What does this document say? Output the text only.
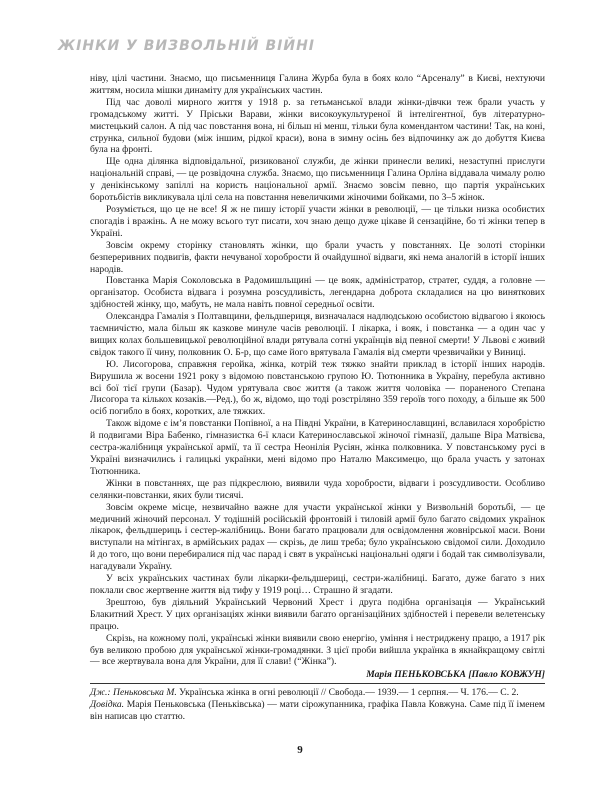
ЖІНКИ У ВИЗВОЛЬНІЙ ВІЙНІ

ніву, цілі частини. Знаємо, що письменниця Галина Журба була в боях коло “Арсеналу” в Києві, нехтуючи життям, носила мішки динаміту для українських частин.

Під час доволі мирного життя у 1918 р. за гетьманської влади жінки-дівчки теж брали участь у громадському житті. У Пріськи Варави, жінки високоукультуреної й інтелігентної, був літературно-мистецький салон. А під час повстання вона, ні більш ні менш, тільки була комендантом частини! Так, на коні, струнка, сильної будови (між іншим, рідкої краси), вона в зимну осінь без відпочинку аж до добуття Києва була на фронті.

Ще одна ділянка відповідальної, ризикованої служби, де жінки принесли великі, незаступні прислуги національній справі, — це розвідочна служба. Знаємо, що письменниця Галина Орліна віддавала чималу ролю у денікінському запіллі на користь національної армії. Знаємо зовсім певно, що партія українських боротьбістів викликувала цілі села на повстання невеличкими жіночими бойками, по 3–5 жінок.

Розуміється, що це не все! Я ж не пишу історії участи жінки в революції, — це тільки низка особистих спогадів і вражінь. А не можу всього тут писати, хоч знаю дещо дуже цікаве й сензаційне, бо ті жінки тепер в Україні.

Зовсім окрему сторінку становлять жінки, що брали участь у повстаннях. Це золоті сторінки безпереривних подвигів, факти нечуваної хоробрости й очайдушної відваги, які нема аналогій в історії інших народів.

Повстанка Марія Соколовська в Радомишльщині — це вояк, адміністратор, стратег, суддя, а головне — організатор. Особиста відвага і розумна розсудливість, легендарна доброта складалися на цю виняткових здібностей жінку, що, мабуть, не мала навіть повної середньої освіти.

Олександра Гамалія з Полтавщини, фельдшериця, визначалася надлюдською особистою відвагою і якоюсь таємничістю, мала більш як казкове минуле часів революції. І лікарка, і вояк, і повстанка — а один час у вищих колах большевицької революційної влади рятувала сотні українців від певної смерти! У Львові є живий свідок такого її чину, полковник О. Б-р, що саме його врятувала Гамалія від смерти чрезвичайки у Виниці.

Ю. Лисогорова, справжня геройка, жінка, котрій теж тяжко знайти приклад в історії інших народів. Вирушила ж восени 1921 року з відомою повстанською групою Ю. Тютюнника в Україну, перебула активно всі бої тієї групи (Базар). Чудом урятувала своє життя (а також життя чоловіка — пораненого Степана Лисогора та кількох козаків.—Ред.), бо ж, відомо, що тоді розстріляно 359 героїв того походу, а більше як 500 осіб погибло в боях, коротких, але тяжких.

Також відоме є ім’я повстанки Попівної, а на Півдні України, в Катеринославщині, вславилася хоробрістю й подвигами Віра Бабенко, гімназистка 6-ї класи Катеринославської жіночої гімназії, дальше Віра Матвієва, сестра-жалібниця української армії, та її сестра Неонілія Русіян, жінка полковника. У повстанському русі в Україні визначились і галицькі українки, мені відомо про Наталю Максимецю, що брала участь у затонах Тютюнника.

Жінки в повстаннях, ще раз підкреслюю, виявили чуда хоробрости, відваги і розсудливости. Особливо селянки-повстанки, яких були тисячі.

Зовсім окреме місце, незвичайно важне для участи української жінки у Визвольній боротьбі, — це медичний жіночий персонал. У тодішній російській фронтовій і тиловій армії було багато свідомих українок лікарок, фельдшериць і сестер-жалібниць. Вони багато працювали для освідомлення жовнірської маси. Вони виступали на мітінгах, в армійських радах — скрізь, де лиш треба; було українською свідомої сили. Доходило й до того, що вони перебиралися під час парад і свят в українські національні одяги і бодай так символізували, нагадували Україну.

У всіх українських частинах були лікарки-фельдшериці, сестри-жалібниці. Багато, дуже багато з них поклали своє жертвенне життя від тифу у 1919 році… Страшно й згадати.

Зрештою, був діяльний Український Червоний Хрест і друга подібна організація — Український Блакитний Хрест. У цих організаціях жінки виявили багато організаційних здібностей і перевели велетенську працю.

Скрізь, на кожному полі, українські жінки виявили свою енергію, уміння і нестриджену працю, а 1917 рік був великою пробою для української жінки-громадянки. З цієї проби вийшла українка в якнайкращому світлі — все жертвувала вона для України, для її слави! (“Жінка”).

Марія ПЕНЬКОВСЬКА [Павло КОВЖУН]

Дж.: Пеньковська М. Українська жінка в огні революції // Свобода.— 1939.— 1 серпня.— Ч. 176.— С. 2.

Довідка. Марія Пеньковська (Пеньківська) — мати сірожупанника, графіка Павла Ковжуна. Саме під її іменем він написав цю статтю.

9
